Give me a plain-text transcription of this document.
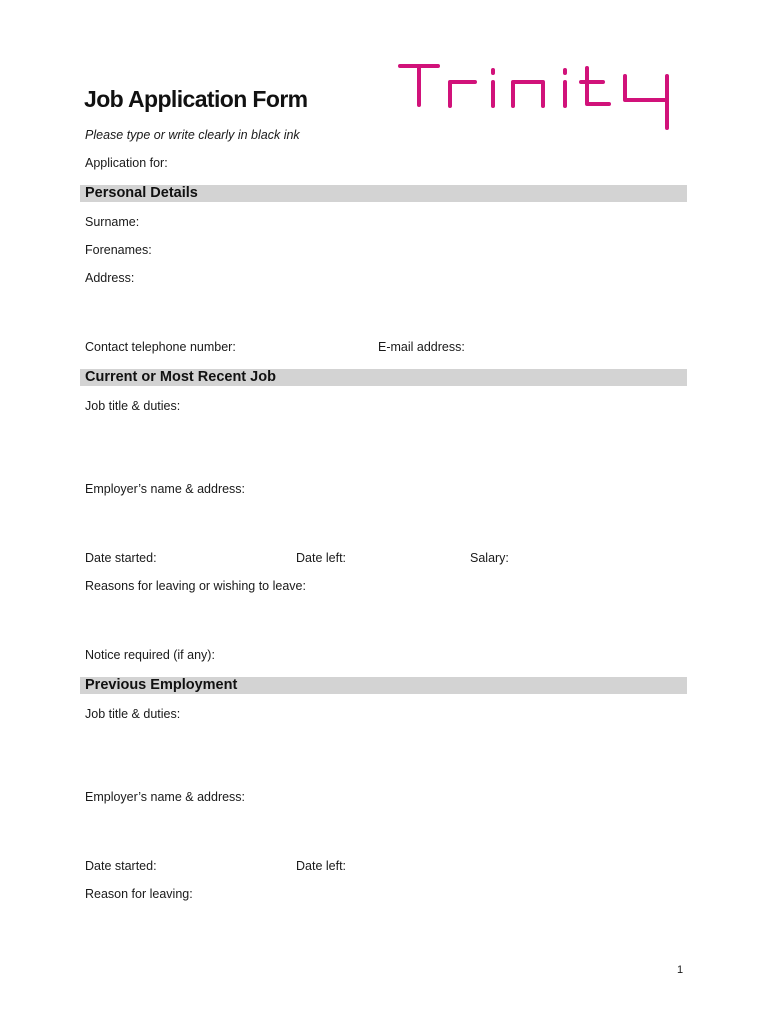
Job Application Form
Please type or write clearly in black ink
Application for:
Personal Details
Surname:
Forenames:
Address:
Contact telephone number:	E-mail address:
Current or Most Recent Job
Job title & duties:
Employer’s name & address:
Date started:	Date left:	Salary:
Reasons for leaving or wishing to leave:
Notice required (if any):
Previous Employment
Job title & duties:
Employer’s name & address:
Date started:	Date left:
Reason for leaving:
1
